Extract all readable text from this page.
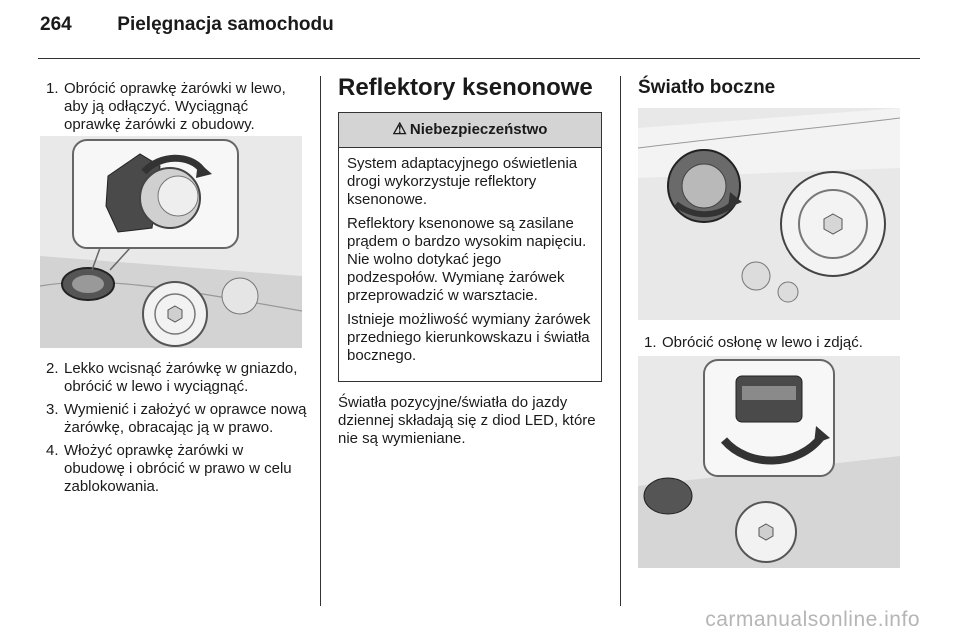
264 Pielęgnacja samochodu
1. Obrócić oprawkę żarówki w lewo, aby ją odłączyć. Wyciągnąć oprawkę żarówki z obudowy.
2. Lekko wcisnąć żarówkę w gniazdo, obrócić w lewo i wyciągnąć.
3. Wymienić i założyć w oprawce nową żarówkę, obracając ją w prawo.
4. Włożyć oprawkę żarówki w obudowę i obrócić w prawo w celu zablokowania.
Reflektory ksenonowe
⚠ Niebezpieczeństwo

System adaptacyjnego oświetlenia drogi wykorzystuje reflektory ksenonowe.

Reflektory ksenonowe są zasilane prądem o bardzo wysokim napięciu. Nie wolno dotykać jego podzespołów. Wymianę żarówek przeprowadzić w warsztacie.

Istnieje możliwość wymiany żarówek przedniego kierunkowskazu i światła bocznego.

Światła pozycyjne/światła do jazdy dziennej składają się z diod LED, które nie są wymieniane.

Światło boczne
1. Obrócić osłonę w lewo i zdjąć.
carmanualsonline.info
